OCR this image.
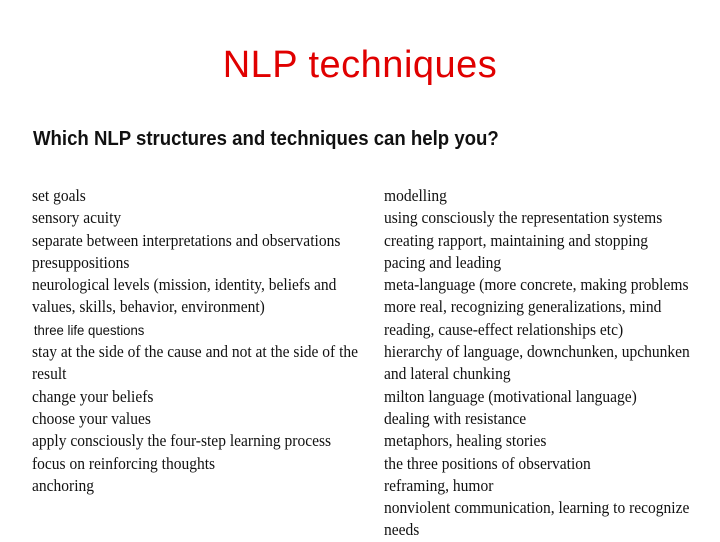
NLP techniques
Which NLP structures and techniques can help you?
set goals
sensory acuity
separate between interpretations and observations
presuppositions
neurological levels (mission, identity, beliefs and
values, skills, behavior, environment)
three life questions
stay at the side of the cause and not at the side of the
result
change your beliefs
choose your values
apply consciously the four-step learning process
focus on reinforcing thoughts
anchoring
modelling
using consciously the representation systems
creating rapport, maintaining and stopping
pacing and leading
meta-language (more concrete, making problems
more real, recognizing generalizations, mind
reading, cause-effect relationships etc)
hierarchy of language, downchunken, upchunken
and lateral chunking
milton language (motivational language)
dealing with resistance
metaphors, healing stories
the three positions of observation
reframing, humor
nonviolent communication, learning to recognize
needs
